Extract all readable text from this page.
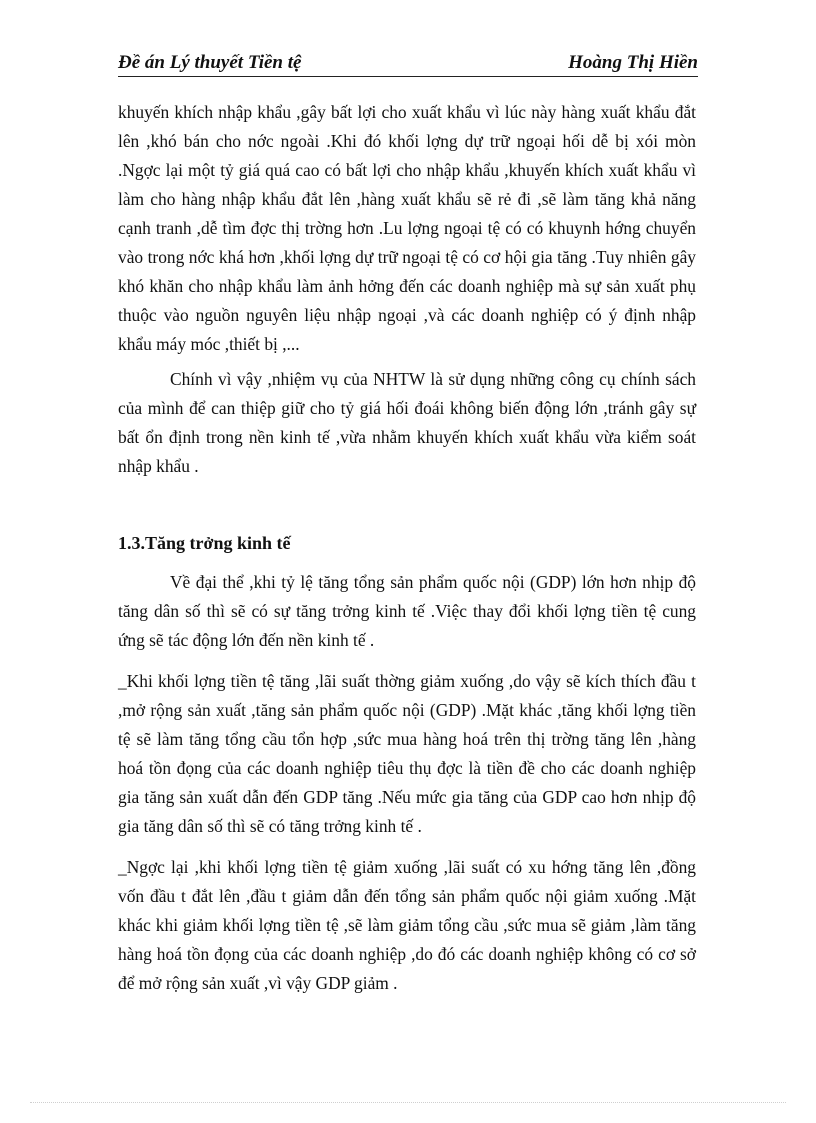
Đề án Lý thuyết Tiền tệ	Hoàng Thị Hiền

khuyến khích nhập khẩu ,gây bất lợi cho xuất khẩu vì lúc này hàng xuất khẩu đắt lên ,khó bán cho nớc ngoài .Khi đó khối lợng dự trữ ngoại hối dễ bị xói mòn .Ngợc lại một tỷ giá quá cao có bất lợi cho nhập khẩu ,khuyến khích xuất khẩu vì làm cho hàng nhập khẩu đắt lên ,hàng xuất khẩu sẽ rẻ đi ,sẽ làm tăng khả năng cạnh tranh ,dễ tìm đợc thị trờng hơn .Lu lợng ngoại tệ có có khuynh hớng chuyển vào trong nớc khá hơn ,khối lợng dự trữ ngoại tệ có cơ hội gia tăng .Tuy nhiên gây khó khăn cho nhập khẩu làm ảnh hởng đến các doanh nghiệp mà sự sản xuất phụ thuộc vào nguồn nguyên liệu nhập ngoại ,và các doanh nghiệp có ý định nhập khẩu máy móc ,thiết bị ,...

Chính vì vậy ,nhiệm vụ của NHTW là sử dụng những công cụ chính sách của mình để can thiệp giữ cho tỷ giá hối đoái không biến động lớn ,tránh gây sự bất ổn định trong nền kinh tế ,vừa nhằm khuyến khích xuất khẩu vừa kiểm soát nhập khẩu .

1.3.Tăng trởng kinh tế

Về đại thể ,khi tỷ lệ tăng tổng sản phẩm quốc nội (GDP) lớn hơn nhịp độ tăng dân số thì sẽ có sự tăng trởng kinh tế .Việc thay đổi khối lợng tiền tệ cung ứng sẽ tác động lớn đến nền kinh tế .

_Khi khối lợng tiền tệ tăng ,lãi suất thờng giảm xuống ,do vậy sẽ kích thích đầu t ,mở rộng sản xuất ,tăng sản phẩm quốc nội (GDP) .Mặt khác ,tăng khối lợng tiền tệ sẽ làm tăng tổng cầu tổn hợp ,sức mua hàng hoá trên thị trờng tăng lên ,hàng hoá tồn đọng của các doanh nghiệp tiêu thụ đợc là tiền đề cho các doanh nghiệp gia tăng sản xuất dẫn đến GDP tăng .Nếu mức gia tăng của GDP cao hơn nhịp độ gia tăng dân số thì sẽ có tăng trởng kinh tế .

_Ngợc lại ,khi khối lợng tiền tệ giảm xuống ,lãi suất có xu hớng tăng lên ,đồng vốn đầu t đắt lên ,đầu t giảm dẫn đến tổng sản phẩm quốc nội giảm xuống .Mặt khác khi giảm khối lợng tiền tệ ,sẽ làm giảm tổng cầu ,sức mua sẽ giảm ,làm tăng hàng hoá tồn đọng của các doanh nghiệp ,do đó các doanh nghiệp không có cơ sở để mở rộng sản xuất ,vì vậy GDP giảm .
